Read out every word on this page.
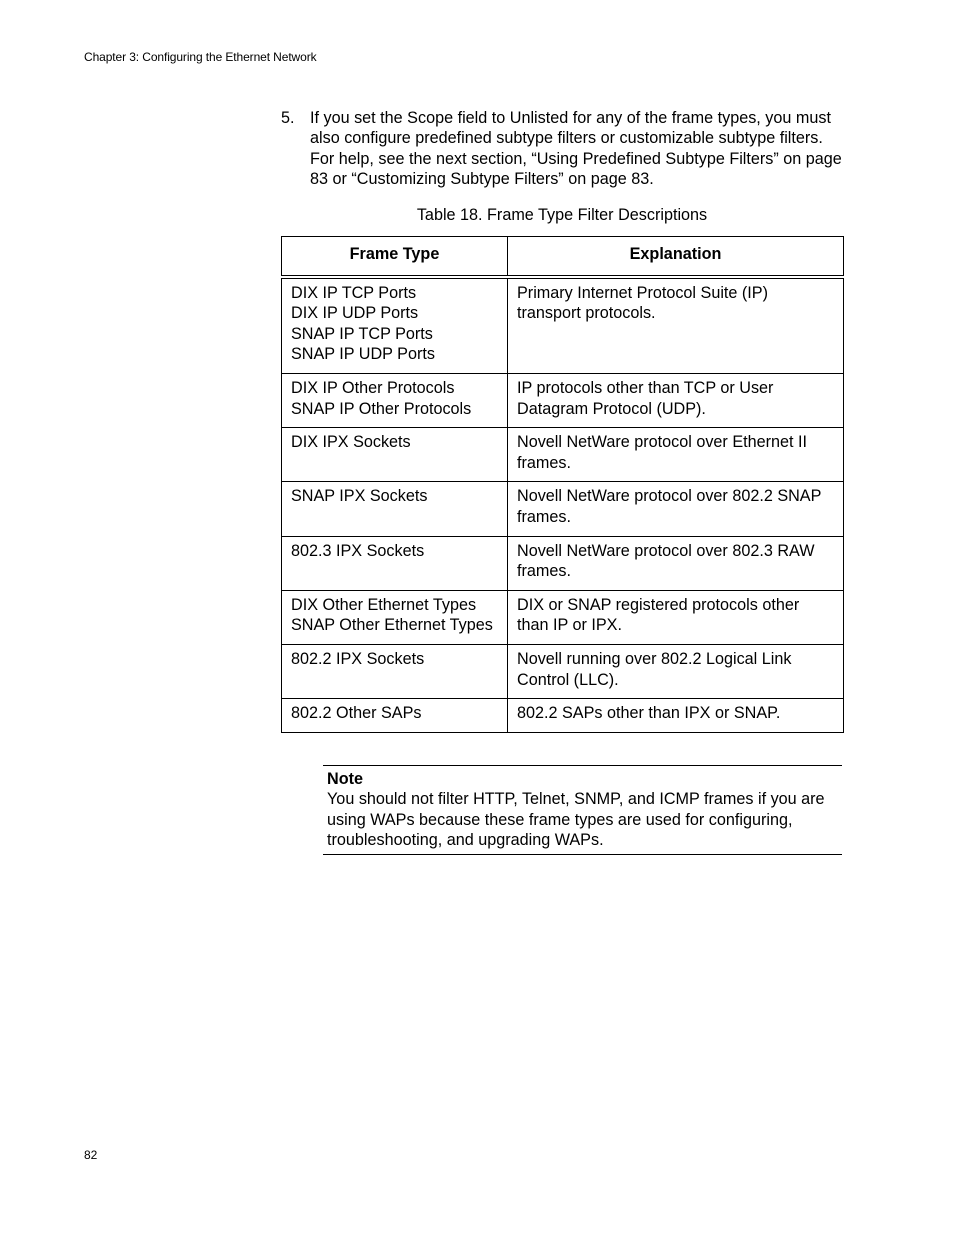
Chapter 3: Configuring the Ethernet Network
5. If you set the Scope field to Unlisted for any of the frame types, you must also configure predefined subtype filters or customizable subtype filters. For help, see the next section, “Using Predefined Subtype Filters” on page 83 or “Customizing Subtype Filters” on page 83.
Table 18. Frame Type Filter Descriptions
Frame Type	Explanation

DIX IP TCP Ports
DIX IP UDP Ports
SNAP IP TCP Ports
SNAP IP UDP Ports	Primary Internet Protocol Suite (IP) transport protocols.

DIX IP Other Protocols
SNAP IP Other Protocols	IP protocols other than TCP or User Datagram Protocol (UDP).

DIX IPX Sockets	Novell NetWare protocol over Ethernet II frames.

SNAP IPX Sockets	Novell NetWare protocol over 802.2 SNAP frames.

802.3 IPX Sockets	Novell NetWare protocol over 802.3 RAW frames.

DIX Other Ethernet Types
SNAP Other Ethernet Types	DIX or SNAP registered protocols other than IP or IPX.

802.2 IPX Sockets	Novell running over 802.2 Logical Link Control (LLC).

802.2 Other SAPs	802.2 SAPs other than IPX or SNAP.
Note
You should not filter HTTP, Telnet, SNMP, and ICMP frames if you are using WAPs because these frame types are used for configuring, troubleshooting, and upgrading WAPs.
82
